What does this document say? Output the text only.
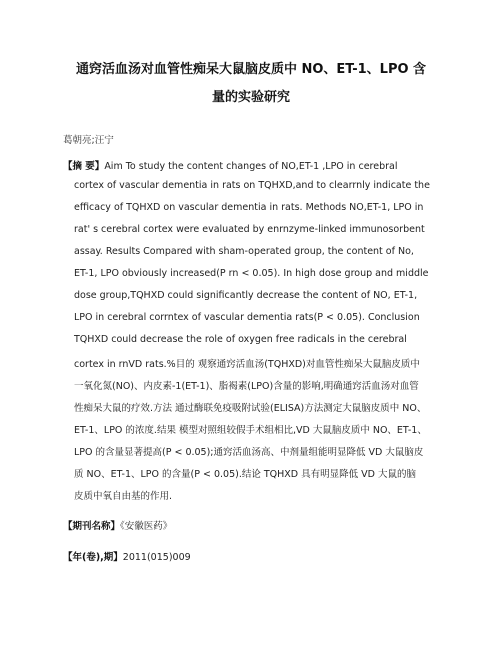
通窍活血汤对血管性痴呆大鼠脑皮质中 NO、ET-1、LPO 含
量的实验研究

葛朝亮;汪宁

【摘 要】Aim To study the content changes of NO,ET-1 ,LPO in cerebral

cortex of vascular dementia in rats on TQHXD,and to clearrnly indicate the

efficacy of TQHXD on vascular dementia in rats. Methods NO,ET-1, LPO in

rat' s cerebral cortex were evaluated by enrnzyme-linked immunosorbent

assay. Results Compared with sham-operated group, the content of No,

ET-1, LPO obviously increased(P rn < 0.05). In high dose group and middle

dose group,TQHXD could significantly decrease the content of NO, ET-1,

LPO in cerebral corrntex of vascular dementia rats(P < 0.05). Conclusion

TQHXD could decrease the role of oxygen free radicals in the cerebral

cortex in rnVD rats.%目的 观察通窍活血汤(TQHXD)对血管性痴呆大鼠脑皮质中

一氧化氮(NO)、内皮素-1(ET-1)、脂褐素(LPO)含量的影响,明确通窍活血汤对血管

性痴呆大鼠的疗效.方法 通过酶联免疫吸附试验(ELISA)方法测定大鼠脑皮质中 NO、

ET-1、LPO 的浓度.结果 模型对照组较假手术组相比,VD 大鼠脑皮质中 NO、ET-1、

LPO 的含量显著提高(P < 0.05);通窍活血汤高、中剂量组能明显降低 VD 大鼠脑皮

质 NO、ET-1、LPO 的含量(P < 0.05).结论 TQHXD 具有明显降低 VD 大鼠的脑

皮质中氧自由基的作用.

【期刊名称】《安徽医药》

【年(卷),期】2011(015)009
